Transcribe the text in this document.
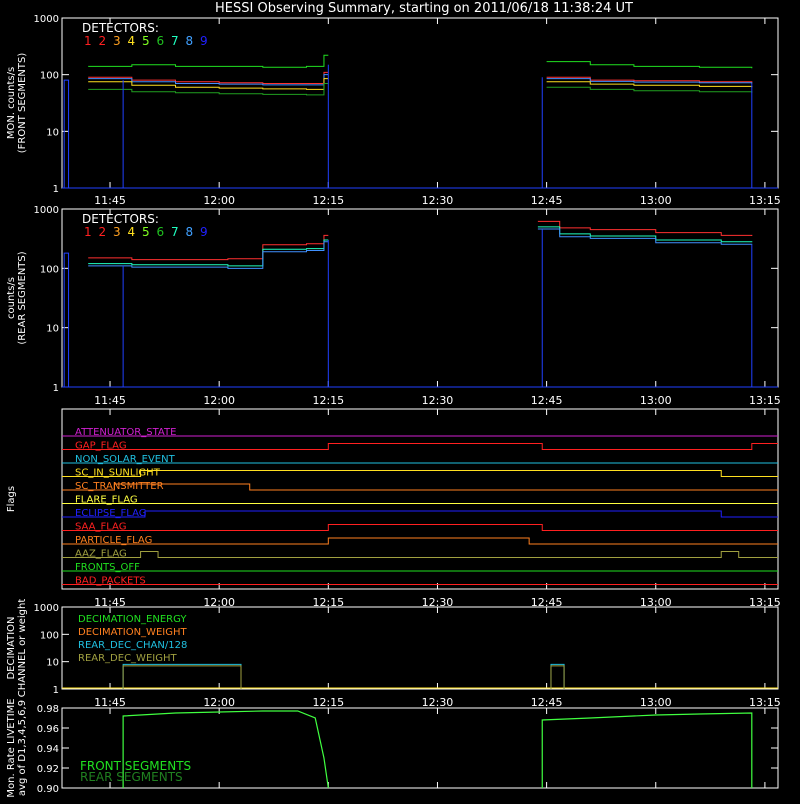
HESSI Observing Summary, starting on 2011/06/18 11:38:24 UT
1
10
100
1000
DETECTORS:
1 2 3 4 5 6 7 8 9
11:45	12:00	12:15	12:30	12:45	13:00	13:15
MON. counts/s (FRONT SEGMENTS)
1
10
100
1000
DETECTORS:
1 2 3 4 5 6 7 8 9
11:45	12:00	12:15	12:30	12:45	13:00	13:15
counts/s (REAR SEGMENTS)
ATTENUATOR_STATE
GAP_FLAG
NON_SOLAR_EVENT
SC_IN_SUNLIGHT
SC_TRANSMITTER
FLARE_FLAG
ECLIPSE_FLAG
SAA_FLAG
PARTICLE_FLAG
AAZ_FLAG
FRONTS_OFF
BAD_PACKETS
11:45	12:00	12:15	12:30	12:45	13:00	13:15
Flags
1
10
100
1000
DECIMATION_ENERGY
DECIMATION_WEIGHT
REAR_DEC_CHAN/128
REAR_DEC_WEIGHT
11:45	12:00	12:15	12:30	12:45	13:00	13:15
DECIMATION CHANNEL or weight
0.90
0.92
0.94
0.96
0.98
FRONT SEGMENTS
REAR SEGMENTS
Mon. Rate LIVETIME avg of D1,3,4,5,6,9
